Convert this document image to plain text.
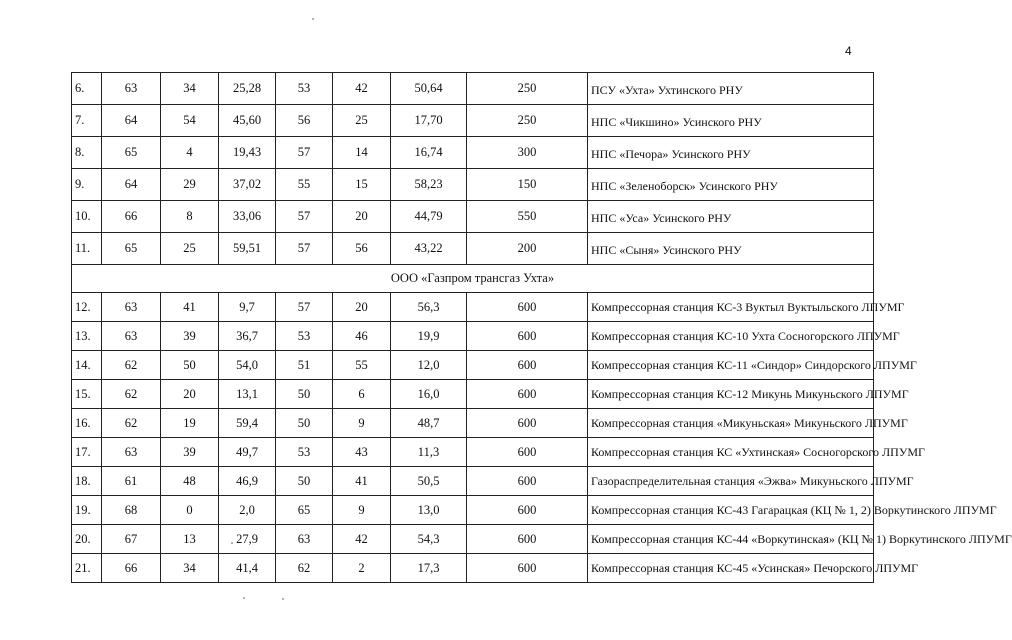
4
6.	63	34	25,28	53	42	50,64	250	ПСУ «Ухта» Ухтинского РНУ
7.	64	54	45,60	56	25	17,70	250	НПС «Чикшино» Усинского РНУ
8.	65	4	19,43	57	14	16,74	300	НПС «Печора» Усинского РНУ
9.	64	29	37,02	55	15	58,23	150	НПС «Зеленоборск» Усинского РНУ
10.	66	8	33,06	57	20	44,79	550	НПС «Уса» Усинского РНУ
11.	65	25	59,51	57	56	43,22	200	НПС «Сыня» Усинского РНУ
ООО «Газпром трансгаз Ухта»								
12.	63	41	9,7	57	20	56,3	600	Компрессорная станция КС-3 Вуктыл Вуктыльского ЛПУМГ
13.	63	39	36,7	53	46	19,9	600	Компрессорная станция КС-10 Ухта Сосногорского ЛПУМГ
14.	62	50	54,0	51	55	12,0	600	Компрессорная станция КС-11 «Синдор» Синдорского ЛПУМГ
15.	62	20	13,1	50	6	16,0	600	Компрессорная станция КС-12 Микунь Микуньского ЛПУМГ
16.	62	19	59,4	50	9	48,7	600	Компрессорная станция «Микуньская» Микуньского ЛПУМГ
17.	63	39	49,7	53	43	11,3	600	Компрессорная станция КС «Ухтинская» Сосногорского ЛПУМГ
18.	61	48	46,9	50	41	50,5	600	Газораспределительная станция «Эжва» Микуньского ЛПУМГ
19.	68	0	2,0	65	9	13,0	600	Компрессорная станция КС-43 Гагарацкая (КЦ № 1, 2) Воркутинского ЛПУМГ
20.	67	13	27,9	63	42	54,3	600	Компрессорная станция КС-44 «Воркутинская» (КЦ № 1) Воркутинского ЛПУМГ
21.	66	34	41,4	62	2	17,3	600	Компрессорная станция КС-45 «Усинская» Печорского ЛПУМГ
